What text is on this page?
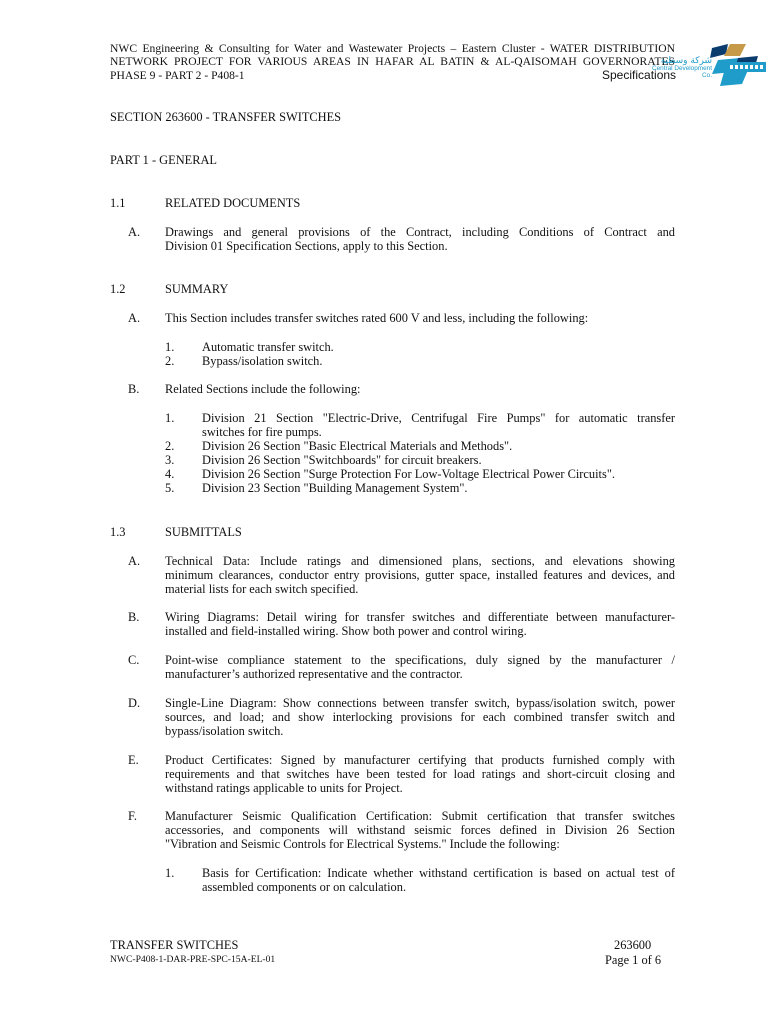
NWC Engineering & Consulting for Water and Wastewater Projects – Eastern Cluster - WATER DISTRIBUTION
NETWORK PROJECT FOR VARIOUS AREAS IN HAFAR AL BATIN & AL-QAISOMAH GOVERNORATES
PHASE 9 - PART 2 - P408-1
شركة وسطية
Central Development Co.
Specifications
SECTION 263600 - TRANSFER SWITCHES
PART 1 - GENERAL
1.1	RELATED DOCUMENTS
A. Drawings and general provisions of the Contract, including Conditions of Contract and
Division 01 Specification Sections, apply to this Section.
1.2	SUMMARY
A. This Section includes transfer switches rated 600 V and less, including the following:
1. Automatic transfer switch.
2. Bypass/isolation switch.
B. Related Sections include the following:
1. Division 21 Section "Electric-Drive, Centrifugal Fire Pumps" for automatic transfer
switches for fire pumps.
2. Division 26 Section "Basic Electrical Materials and Methods".
3. Division 26 Section "Switchboards" for circuit breakers.
4. Division 26 Section "Surge Protection For Low-Voltage Electrical Power Circuits".
5. Division 23 Section "Building Management System".
1.3	SUBMITTALS
A. Technical Data: Include ratings and dimensioned plans, sections, and elevations showing
minimum clearances, conductor entry provisions, gutter space, installed features and devices, and
material lists for each switch specified.
B. Wiring Diagrams: Detail wiring for transfer switches and differentiate between manufacturer-
installed and field-installed wiring. Show both power and control wiring.
C. Point-wise compliance statement to the specifications, duly signed by the manufacturer /
manufacturer’s authorized representative and the contractor.
D. Single-Line Diagram: Show connections between transfer switch, bypass/isolation switch, power
sources, and load; and show interlocking provisions for each combined transfer switch and
bypass/isolation switch.
E. Product Certificates: Signed by manufacturer certifying that products furnished comply with
requirements and that switches have been tested for load ratings and short-circuit closing and
withstand ratings applicable to units for Project.
F. Manufacturer Seismic Qualification Certification: Submit certification that transfer switches
accessories, and components will withstand seismic forces defined in Division 26 Section
"Vibration and Seismic Controls for Electrical Systems." Include the following:
1. Basis for Certification: Indicate whether withstand certification is based on actual test of
assembled components or on calculation.
TRANSFER SWITCHES
NWC-P408-1-DAR-PRE-SPC-15A-EL-01
263600
Page 1 of 6
